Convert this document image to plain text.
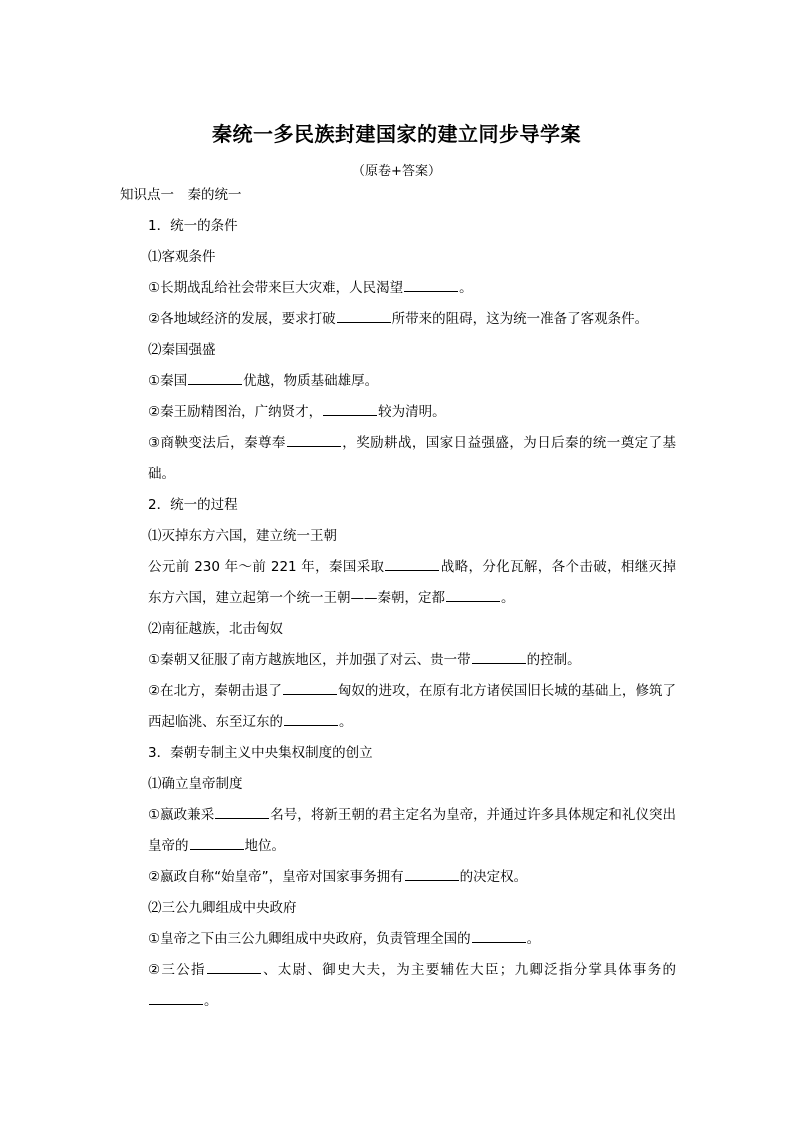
秦统一多民族封建国家的建立同步导学案
（原卷+答案）
知识点一　秦的统一
1．统一的条件
⑴客观条件
①长期战乱给社会带来巨大灾难，人民渴望	。
②各地域经济的发展，要求打破	所带来的阻碍，这为统一准备了客观条件。
⑵秦国强盛
①秦国	优越，物质基础雄厚。
②秦王励精图治，广纳贤才，	较为清明。
③商鞅变法后，秦尊奉	，奖励耕战，国家日益强盛，为日后秦的统一奠定了基础。
2．统一的过程
⑴灭掉东方六国，建立统一王朝
公元前 230 年～前 221 年，秦国采取	战略，分化瓦解，各个击破，相继灭掉东方六国，建立起第一个统一王朝——秦朝，定都	。
⑵南征越族，北击匈奴
①秦朝又征服了南方越族地区，并加强了对云、贵一带	的控制。
②在北方，秦朝击退了	匈奴的进攻，在原有北方诸侯国旧长城的基础上，修筑了西起临洮、东至辽东的	。
3．秦朝专制主义中央集权制度的创立
⑴确立皇帝制度
①嬴政兼采	名号，将新王朝的君主定名为皇帝，并通过许多具体规定和礼仪突出皇帝的	地位。
②嬴政自称“始皇帝”，皇帝对国家事务拥有	的决定权。
⑵三公九卿组成中央政府
①皇帝之下由三公九卿组成中央政府，负责管理全国的	。
②三公指	、太尉、御史大夫，为主要辅佐大臣；九卿泛指分掌具体事务的。
